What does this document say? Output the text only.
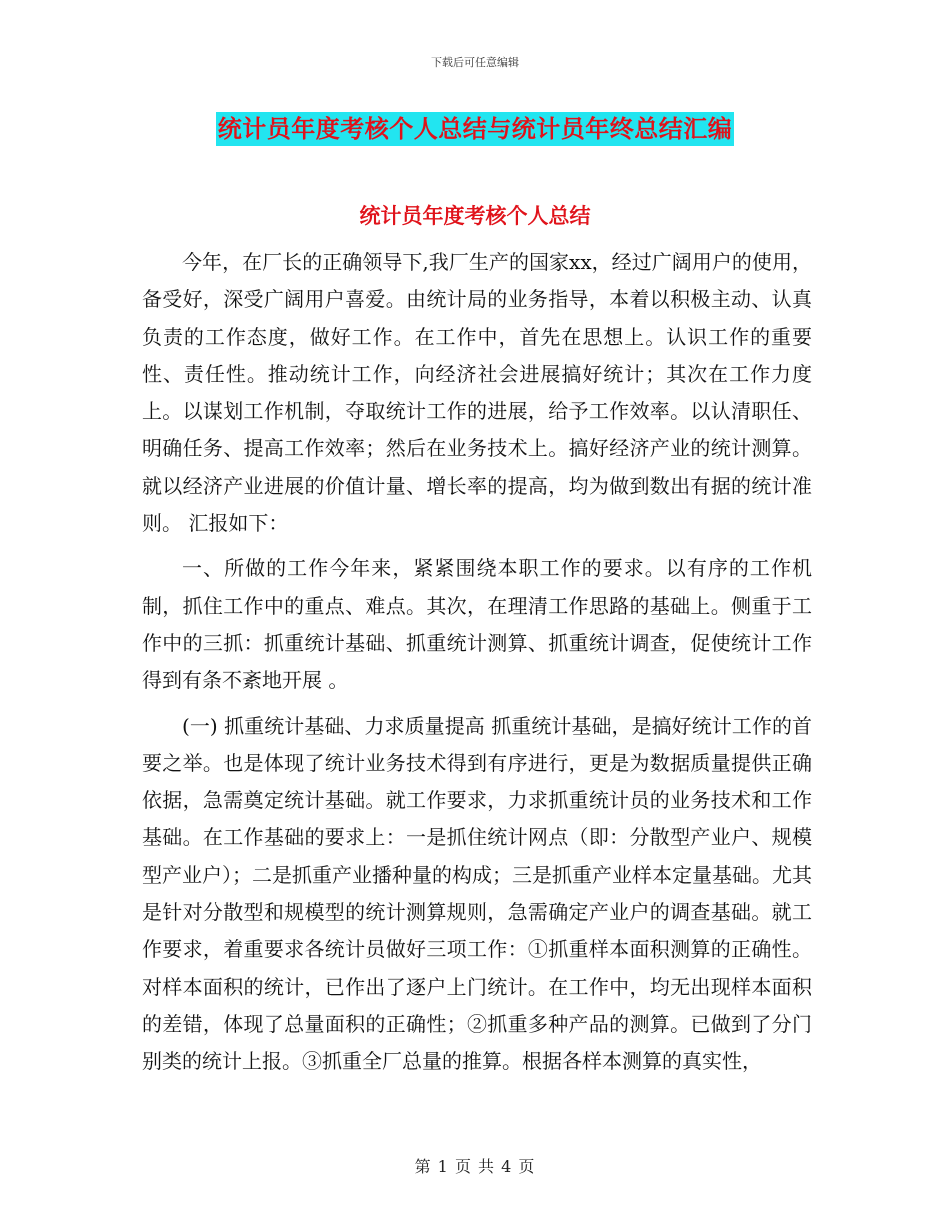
下载后可任意编辑
统计员年度考核个人总结与统计员年终总结汇编
统计员年度考核个人总结

今年，在厂长的正确领导下,我厂生产的国家xx，经过广阔用户的使用，备受好，深受广阔用户喜爱。由统计局的业务指导，本着以积极主动、认真负责的工作态度，做好工作。在工作中，首先在思想上。认识工作的重要性、责任性。推动统计工作，向经济社会进展搞好统计；其次在工作力度上。以谋划工作机制，夺取统计工作的进展，给予工作效率。以认清职任、明确任务、提高工作效率；然后在业务技术上。搞好经济产业的统计测算。就以经济产业进展的价值计量、增长率的提高，均为做到数出有据的统计准则。 汇报如下：

一、所做的工作今年来，紧紧围绕本职工作的要求。以有序的工作机制，抓住工作中的重点、难点。其次，在理清工作思路的基础上。侧重于工作中的三抓：抓重统计基础、抓重统计测算、抓重统计调查，促使统计工作得到有条不紊地开展 。

(一) 抓重统计基础、力求质量提高 抓重统计基础，是搞好统计工作的首要之举。也是体现了统计业务技术得到有序进行，更是为数据质量提供正确依据，急需奠定统计基础。就工作要求，力求抓重统计员的业务技术和工作基础。在工作基础的要求上：一是抓住统计网点（即：分散型产业户、规模型产业户）；二是抓重产业播种量的构成；三是抓重产业样本定量基础。尤其是针对分散型和规模型的统计测算规则，急需确定产业户的调查基础。就工作要求，着重要求各统计员做好三项工作：①抓重样本面积测算的正确性。对样本面积的统计，已作出了逐户上门统计。在工作中，均无出现样本面积的差错，体现了总量面积的正确性；②抓重多种产品的测算。已做到了分门别类的统计上报。③抓重全厂总量的推算。根据各样本测算的真实性，

第 1 页 共 4 页
